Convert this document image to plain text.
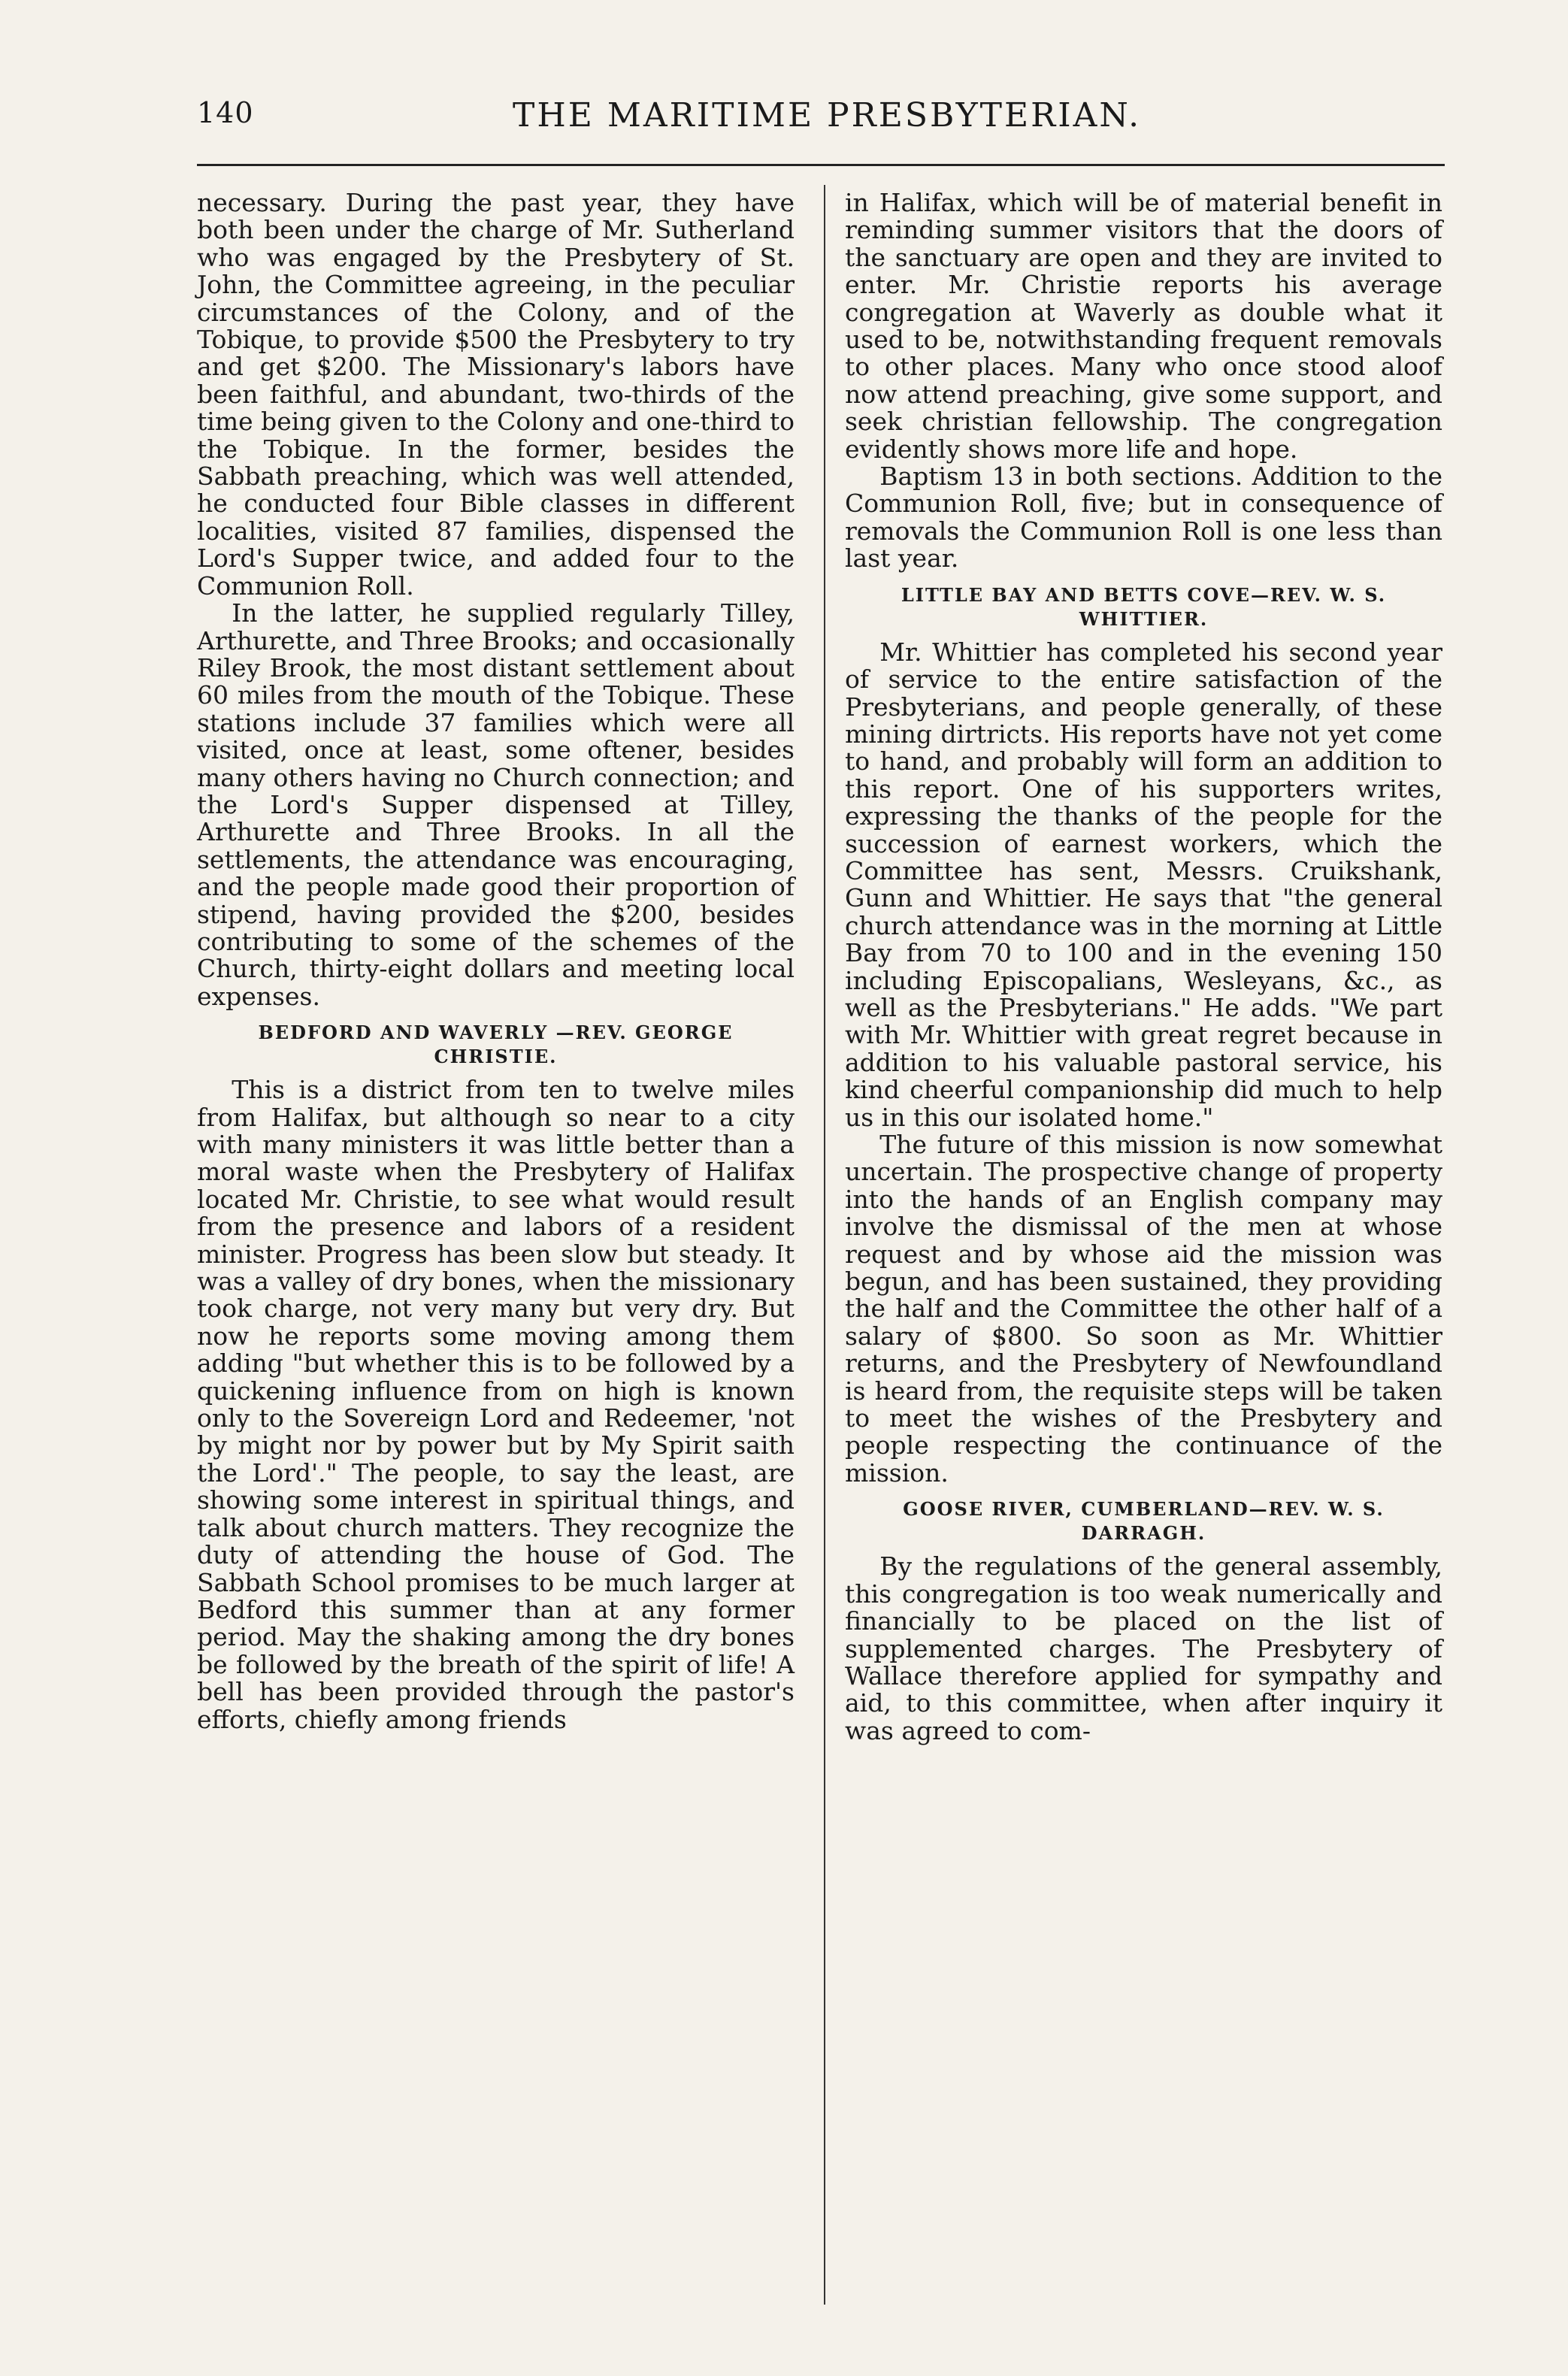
140	THE MARITIME PRESBYTERIAN.

necessary. During the past year, they have both been under the charge of Mr. Sutherland who was engaged by the Presbytery of St. John, the Committee agreeing, in the peculiar circumstances of the Colony, and of the Tobique, to provide $500 the Presbytery to try and get $200. The Missionary's labors have been faithful, and abundant, two-thirds of the time being given to the Colony and one-third to the Tobique. In the former, besides the Sabbath preaching, which was well attended, he conducted four Bible classes in different localities, visited 87 families, dispensed the Lord's Supper twice, and added four to the Communion Roll.

In the latter, he supplied regularly Tilley, Arthurette, and Three Brooks; and occasionally Riley Brook, the most distant settlement about 60 miles from the mouth of the Tobique. These stations include 37 families which were all visited, once at least, some oftener, besides many others having no Church connection; and the Lord's Supper dispensed at Tilley, Arthurette and Three Brooks. In all the settlements, the attendance was encouraging, and the people made good their proportion of stipend, having provided the $200, besides contributing to some of the schemes of the Church, thirty-eight dollars and meeting local expenses.

BEDFORD AND WAVERLY —REV. GEORGE CHRISTIE.

This is a district from ten to twelve miles from Halifax, but although so near to a city with many ministers it was little better than a moral waste when the Presbytery of Halifax located Mr. Christie, to see what would result from the presence and labors of a resident minister. Progress has been slow but steady. It was a valley of dry bones, when the missionary took charge, not very many but very dry. But now he reports some moving among them adding "but whether this is to be followed by a quickening influence from on high is known only to the Sovereign Lord and Redeemer, 'not by might nor by power but by My Spirit saith the Lord'." The people, to say the least, are showing some interest in spiritual things, and talk about church matters. They recognize the duty of attending the house of God. The Sabbath School promises to be much larger at Bedford this summer than at any former period. May the shaking among the dry bones be followed by the breath of the spirit of life! A bell has been provided through the pastor's efforts, chiefly among friends

in Halifax, which will be of material benefit in reminding summer visitors that the doors of the sanctuary are open and they are invited to enter. Mr. Christie reports his average congregation at Waverly as double what it used to be, notwithstanding frequent removals to other places. Many who once stood aloof now attend preaching, give some support, and seek christian fellowship. The congregation evidently shows more life and hope.

Baptism 13 in both sections. Addition to the Communion Roll, five; but in consequence of removals the Communion Roll is one less than last year.

LITTLE BAY AND BETTS COVE—REV. W. S. WHITTIER.

Mr. Whittier has completed his second year of service to the entire satisfaction of the Presbyterians, and people generally, of these mining dirtricts. His reports have not yet come to hand, and probably will form an addition to this report. One of his supporters writes, expressing the thanks of the people for the succession of earnest workers, which the Committee has sent, Messrs. Cruikshank, Gunn and Whittier. He says that "the general church attendance was in the morning at Little Bay from 70 to 100 and in the evening 150 including Episcopalians, Wesleyans, &c., as well as the Presbyterians." He adds. "We part with Mr. Whittier with great regret because in addition to his valuable pastoral service, his kind cheerful companionship did much to help us in this our isolated home."

The future of this mission is now somewhat uncertain. The prospective change of property into the hands of an English company may involve the dismissal of the men at whose request and by whose aid the mission was begun, and has been sustained, they providing the half and the Committee the other half of a salary of $800. So soon as Mr. Whittier returns, and the Presbytery of Newfoundland is heard from, the requisite steps will be taken to meet the wishes of the Presbytery and people respecting the continuance of the mission.

GOOSE RIVER, CUMBERLAND—REV. W. S. DARRAGH.

By the regulations of the general assembly, this congregation is too weak numerically and financially to be placed on the list of supplemented charges. The Presbytery of Wallace therefore applied for sympathy and aid, to this committee, when after inquiry it was agreed to com-
